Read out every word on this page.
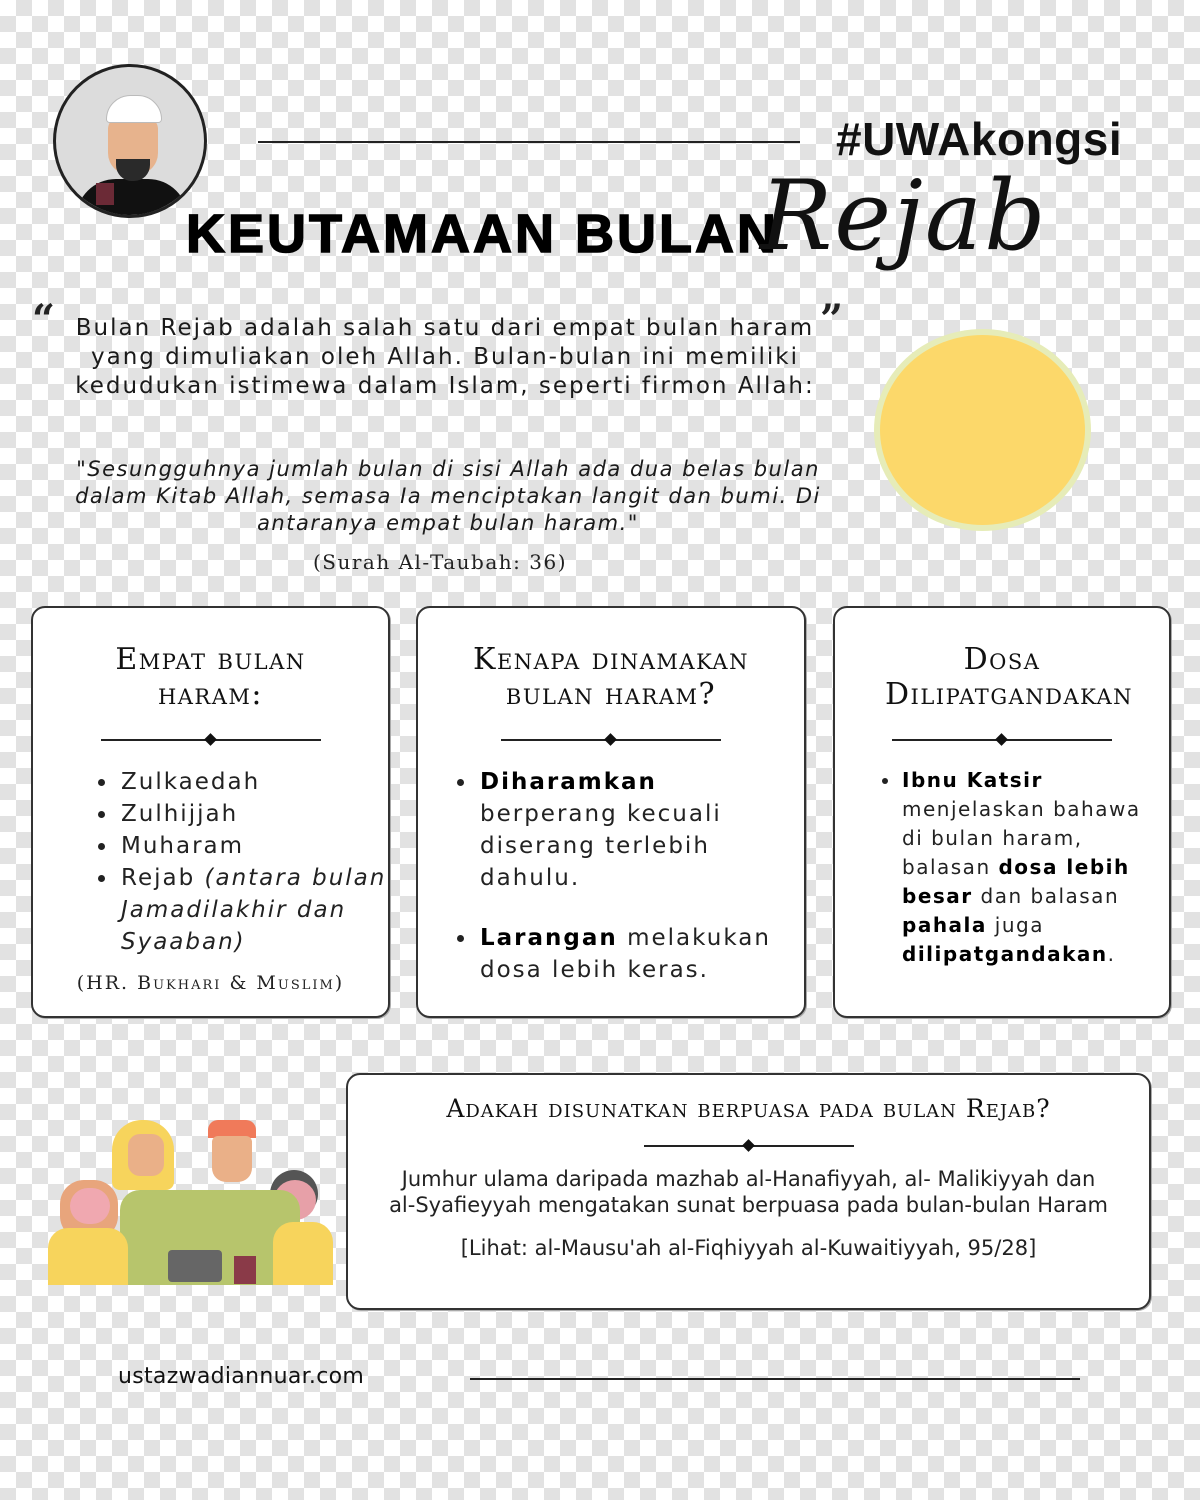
#UWAkongsi
KEUTAMAAN BULAN
Rejab
“	”
Bulan Rejab adalah salah satu dari empat bulan haram yang dimuliakan oleh Allah. Bulan-bulan ini memiliki kedudukan istimewa dalam Islam, seperti firmon Allah:
"Sesungguhnya jumlah bulan di sisi Allah ada dua belas bulan dalam Kitab Allah, semasa Ia menciptakan langit dan bumi. Di antaranya empat bulan haram."
(Surah Al-Taubah: 36)
Empat bulan haram:
Zulkaedah
Zulhijjah
Muharam
Rejab (antara bulan Jamadilakhir dan Syaaban)
(HR. Bukhari & Muslim)
Kenapa dinamakan bulan haram?
Diharamkan berperang kecuali diserang terlebih dahulu.
Larangan melakukan dosa lebih keras.
Dosa Dilipatgandakan
Ibnu Katsir menjelaskan bahawa di bulan haram, balasan dosa lebih besar dan balasan pahala juga dilipatgandakan.
Adakah disunatkan berpuasa pada bulan Rejab?
Jumhur ulama daripada mazhab al-Hanafiyyah, al- Malikiyyah dan al-Syafieyyah mengatakan sunat berpuasa pada bulan-bulan Haram
[Lihat: al-Mausu'ah al-Fiqhiyyah al-Kuwaitiyyah, 95/28]
ustazwadiannuar.com
